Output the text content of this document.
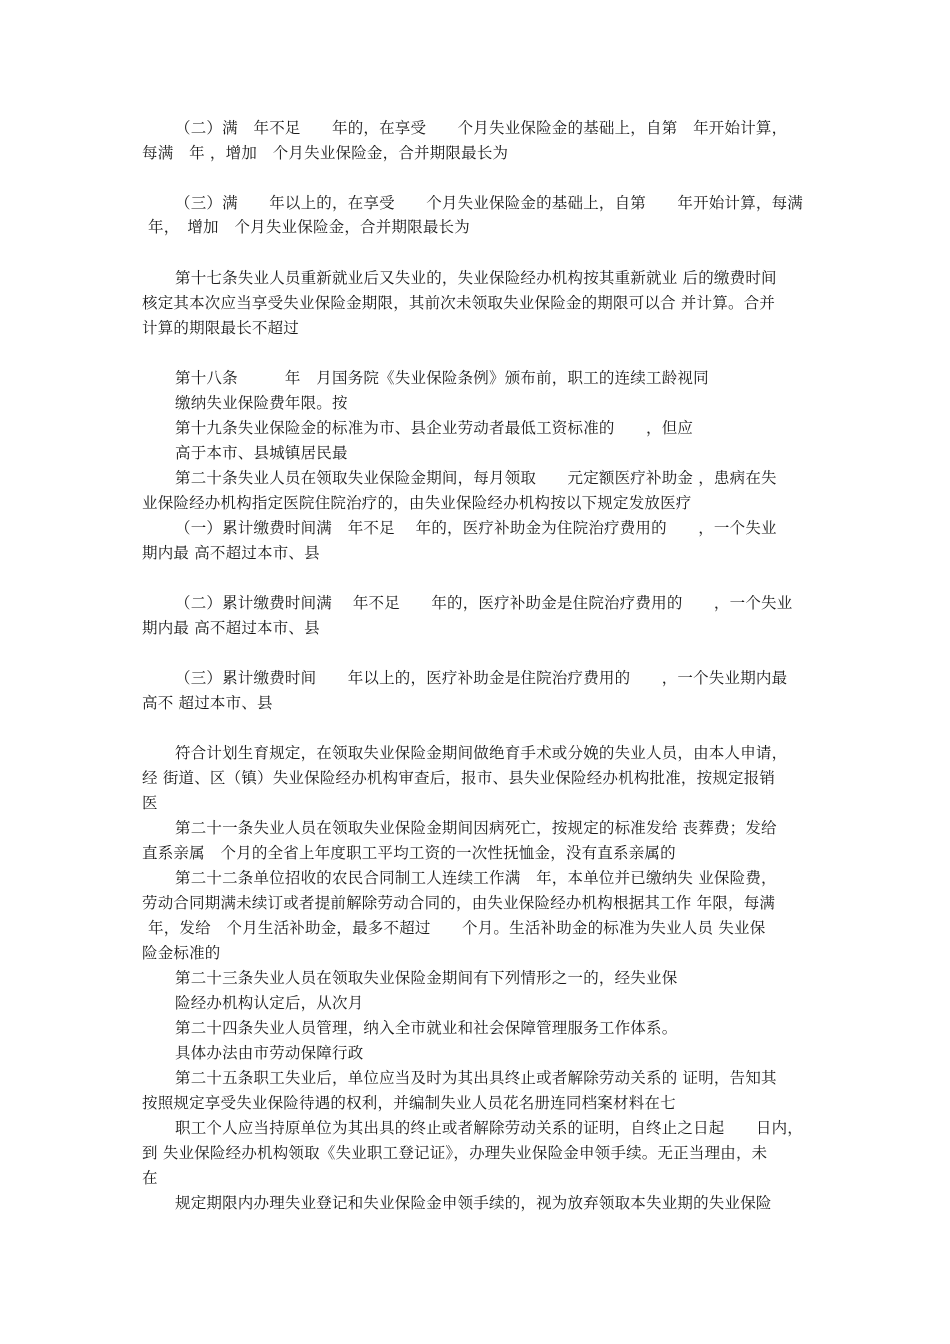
（二）满　年不足　　年的，在享受　　个月失业保险金的基础上，自第　年开始计算，
每满　年 ，增加　个月失业保险金，合并期限最长为
（三）满　　年以上的，在享受　　个月失业保险金的基础上，自第　　年开始计算，每满
年，　增加　个月失业保险金，合并期限最长为
第十七条失业人员重新就业后又失业的，失业保险经办机构按其重新就业 后的缴费时间
核定其本次应当享受失业保险金期限，其前次未领取失业保险金的期限可以合 并计算。合并
计算的期限最长不超过
第十八条　　　年　月国务院《失业保险条例》颁布前，职工的连续工龄视同
缴纳失业保险费年限。按
第十九条失业保险金的标准为市、县企业劳动者最低工资标准的　　，但应
高于本市、县城镇居民最
第二十条失业人员在领取失业保险金期间，每月领取　　元定额医疗补助金 ，患病在失
业保险经办机构指定医院住院治疗的，由失业保险经办机构按以下规定发放医疗
（一）累计缴费时间满　年不足　 年的，医疗补助金为住院治疗费用的　　，一个失业
期内最 高不超过本市、县
（二）累计缴费时间满　 年不足　　年的，医疗补助金是住院治疗费用的　　，一个失业
期内最 高不超过本市、县
（三）累计缴费时间　　年以上的，医疗补助金是住院治疗费用的　　，一个失业期内最
高不 超过本市、县
符合计划生育规定，在领取失业保险金期间做绝育手术或分娩的失业人员，由本人申请，
经 街道、区（镇）失业保险经办机构审查后，报市、县失业保险经办机构批准，按规定报销
医
第二十一条失业人员在领取失业保险金期间因病死亡，按规定的标准发给 丧葬费；发给
直系亲属　个月的全省上年度职工平均工资的一次性抚恤金，没有直系亲属的
第二十二条单位招收的农民合同制工人连续工作满　年，本单位并已缴纳失 业保险费，
劳动合同期满未续订或者提前解除劳动合同的，由失业保险经办机构根据其工作 年限，每满
年，发给　个月生活补助金，最多不超过　　个月。生活补助金的标准为失业人员 失业保
险金标准的
第二十三条失业人员在领取失业保险金期间有下列情形之一的，经失业保
险经办机构认定后，从次月
第二十四条失业人员管理，纳入全市就业和社会保障管理服务工作体系。
具体办法由市劳动保障行政
第二十五条职工失业后，单位应当及时为其出具终止或者解除劳动关系的 证明，告知其
按照规定享受失业保险待遇的权利，并编制失业人员花名册连同档案材料在七
职工个人应当持原单位为其出具的终止或者解除劳动关系的证明，自终止之日起　　日内，
到 失业保险经办机构领取《失业职工登记证》，办理失业保险金申领手续。无正当理由，未
在
规定期限内办理失业登记和失业保险金申领手续的，视为放弃领取本失业期的失业保险
